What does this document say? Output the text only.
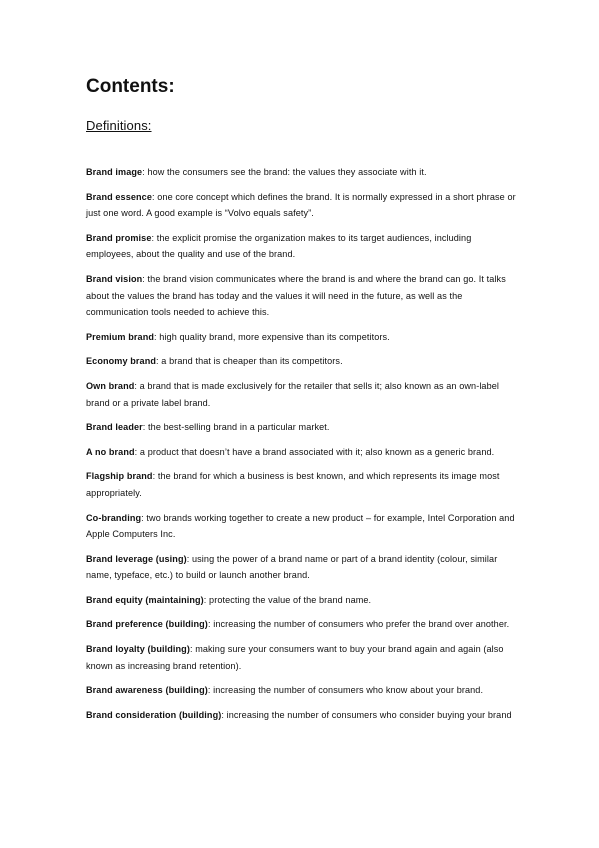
Contents:
Definitions:
Brand image: how the consumers see the brand: the values they associate with it.
Brand essence: one core concept which defines the brand. It is normally expressed in a short phrase or just one word. A good example is “Volvo equals safety”.
Brand promise: the explicit promise the organization makes to its target audiences, including employees, about the quality and use of the brand.
Brand vision: the brand vision communicates where the brand is and where the brand can go. It talks about the values the brand has today and the values it will need in the future, as well as the communication tools needed to achieve this.
Premium brand: high quality brand, more expensive than its competitors.
Economy brand: a brand that is cheaper than its competitors.
Own brand: a brand that is made exclusively for the retailer that sells it; also known as an own-label brand or a private label brand.
Brand leader: the best-selling brand in a particular market.
A no brand: a product that doesn’t have a brand associated with it; also known as a generic brand.
Flagship brand: the brand for which a business is best known, and which represents its image most appropriately.
Co-branding: two brands working together to create a new product – for example, Intel Corporation and Apple Computers Inc.
Brand leverage (using): using the power of a brand name or part of a brand identity (colour, similar name, typeface, etc.) to build or launch another brand.
Brand equity (maintaining): protecting the value of the brand name.
Brand preference (building): increasing the number of consumers who prefer the brand over another.
Brand loyalty (building): making sure your consumers want to buy your brand again and again (also known as increasing brand retention).
Brand awareness (building): increasing the number of consumers who know about your brand.
Brand consideration (building): increasing the number of consumers who consider buying your brand
